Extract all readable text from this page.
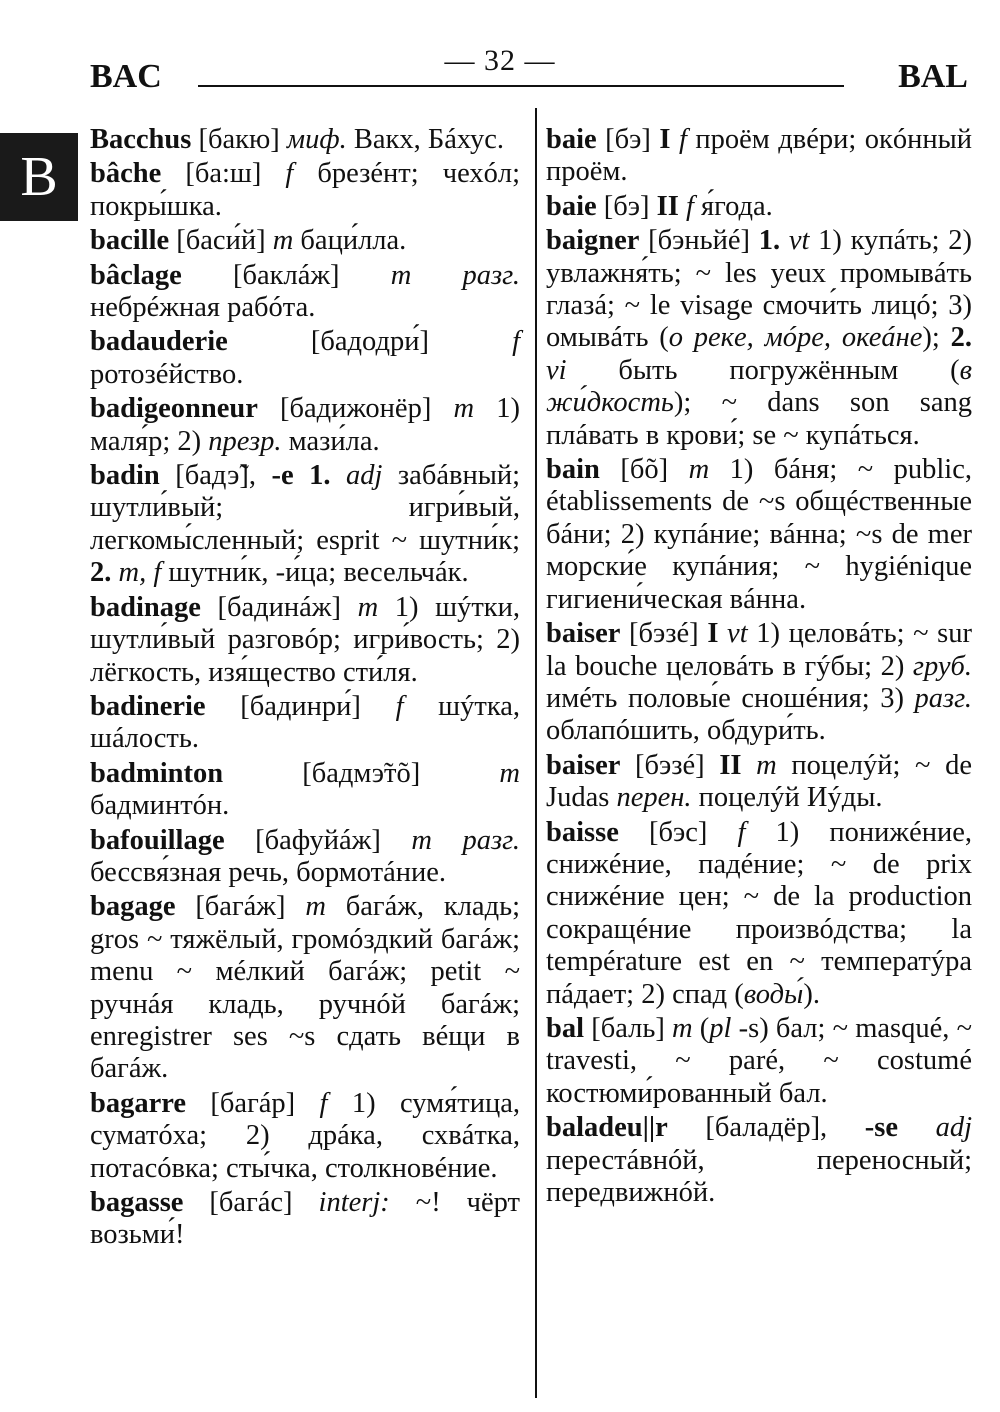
— 32 —
BAC	BAL
B
Bacchus [бакю] миф. Вакх, Бáхус.
bâche [ба:ш] f брезéнт; чехóл; покры́шка.
bacille [баси́й] m баци́лла.
bâclage [баклáж] m разг. небрéжная рабóта.
badauderie [бадодри́] f ротозéйство.
badigeonneur [бадижонёр] m 1) маля́р; 2) презр. мази́ла.
badin [бадэ̃], -e 1. adj забáвный; шутли́вый; игри́вый, легкомы́сленный; esprit ~ шутни́к; 2. m, f шутни́к, -и́ца; весельчáк.
badinage [бадинáж] m 1) шýтки, шутли́вый разговóр; игри́вость; 2) лёгкость, изя́щество сти́ля.
badinerie [бадинри́] f шýтка, шáлость.
badminton [бадмэ̃тõ] m бадминтóн.
bafouillage [бафуйáж] m разг. бессвя́зная речь, бормотáние.
bagage [багáж] m багáж, кладь; gros ~ тяжёлый, громóздкий багáж; menu ~ мéлкий багáж; petit ~ ручнáя кладь, ручнóй багáж; enregistrer ses ~s сдать вéщи в багáж.
bagarre [багáр] f 1) сумя́тица, суматóха; 2) дрáка, схвáтка, потасóвка; сты́чка, столкновéние.
bagasse [багáс] interj: ~! чёрт возьми́!
baie [бэ] I f проём двéри; окóнный проём.
baie [бэ] II f я́года.
baigner [бэньйé] 1. vt 1) купáть; 2) увлажня́ть; ~ les yeux промывáть глазá; ~ le visage смочи́ть лицó; 3) омывáть (o рекe, мóре, океáне); 2. vi быть погружённым (в жи́дкость); ~ dans son sang плáвать в крови́; se ~ купáться.
bain [бõ] m 1) бáня; ~ public, établissements de ~s общéственные бáни; 2) купáние; вáнна; ~s de mer морски́е купáния; ~ hygiénique гигиени́ческая вáнна.
baiser [бэзé] I vt 1) целовáть; ~ sur la bouche целовáть в гýбы; 2) груб. имéть половы́е сношéния; 3) разг. облапóшить, обдури́ть.
baiser [бэзé] II m поцелýй; ~ de Judas перен. поцелýй Иýды.
baisse [бэс] f 1) понижéние, снижéние, падéние; ~ de prix снижéние цен; ~ de la production сокращéние произвóдства; la température est en ~ температýра пáдает; 2) спад (воды́).
bal [баль] m (pl -s) бал; ~ masqué, ~ travesti, ~ paré, ~ costumé костюми́рованный бал.
baladeu||r [баладёр], -se adj перестáвнóй, переносный; передвижнóй.
